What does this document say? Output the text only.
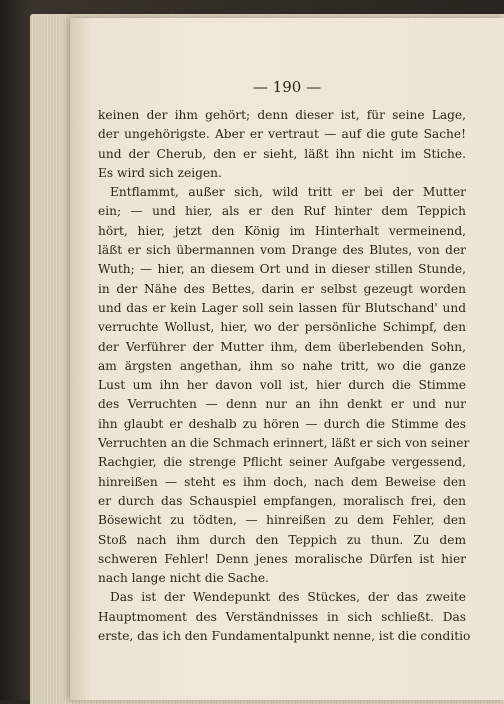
— 190 —
keinen der ihm gehört; denn dieser ist, für seine Lage,
der ungehörigste. Aber er vertraut — auf die gute Sache!
und der Cherub, den er sieht, läßt ihn nicht im Stiche.
Es wird sich zeigen.
Entflammt, außer sich, wild tritt er bei der Mutter
ein; — und hier, als er den Ruf hinter dem Teppich
hört, hier, jetzt den König im Hinterhalt vermeinend,
läßt er sich übermannen vom Drange des Blutes, von der
Wuth; — hier, an diesem Ort und in dieser stillen Stunde,
in der Nähe des Bettes, darin er selbst gezeugt worden
und das er kein Lager soll sein lassen für Blutschand' und
verruchte Wollust, hier, wo der persönliche Schimpf, den
der Verführer der Mutter ihm, dem überlebenden Sohn,
am ärgsten angethan, ihm so nahe tritt, wo die ganze
Lust um ihn her davon voll ist, hier durch die Stimme
des Verruchten — denn nur an ihn denkt er und nur
ihn glaubt er deshalb zu hören — durch die Stimme des
Verruchten an die Schmach erinnert, läßt er sich von seiner
Rachgier, die strenge Pflicht seiner Aufgabe vergessend,
hinreißen — steht es ihm doch, nach dem Beweise den
er durch das Schauspiel empfangen, moralisch frei, den
Bösewicht zu tödten, — hinreißen zu dem Fehler, den
Stoß nach ihm durch den Teppich zu thun. Zu dem
schweren Fehler! Denn jenes moralische Dürfen ist hier
nach lange nicht die Sache.
Das ist der Wendepunkt des Stückes, der das zweite
Hauptmoment des Verständnisses in sich schließt. Das
erste, das ich den Fundamentalpunkt nenne, ist die conditio
